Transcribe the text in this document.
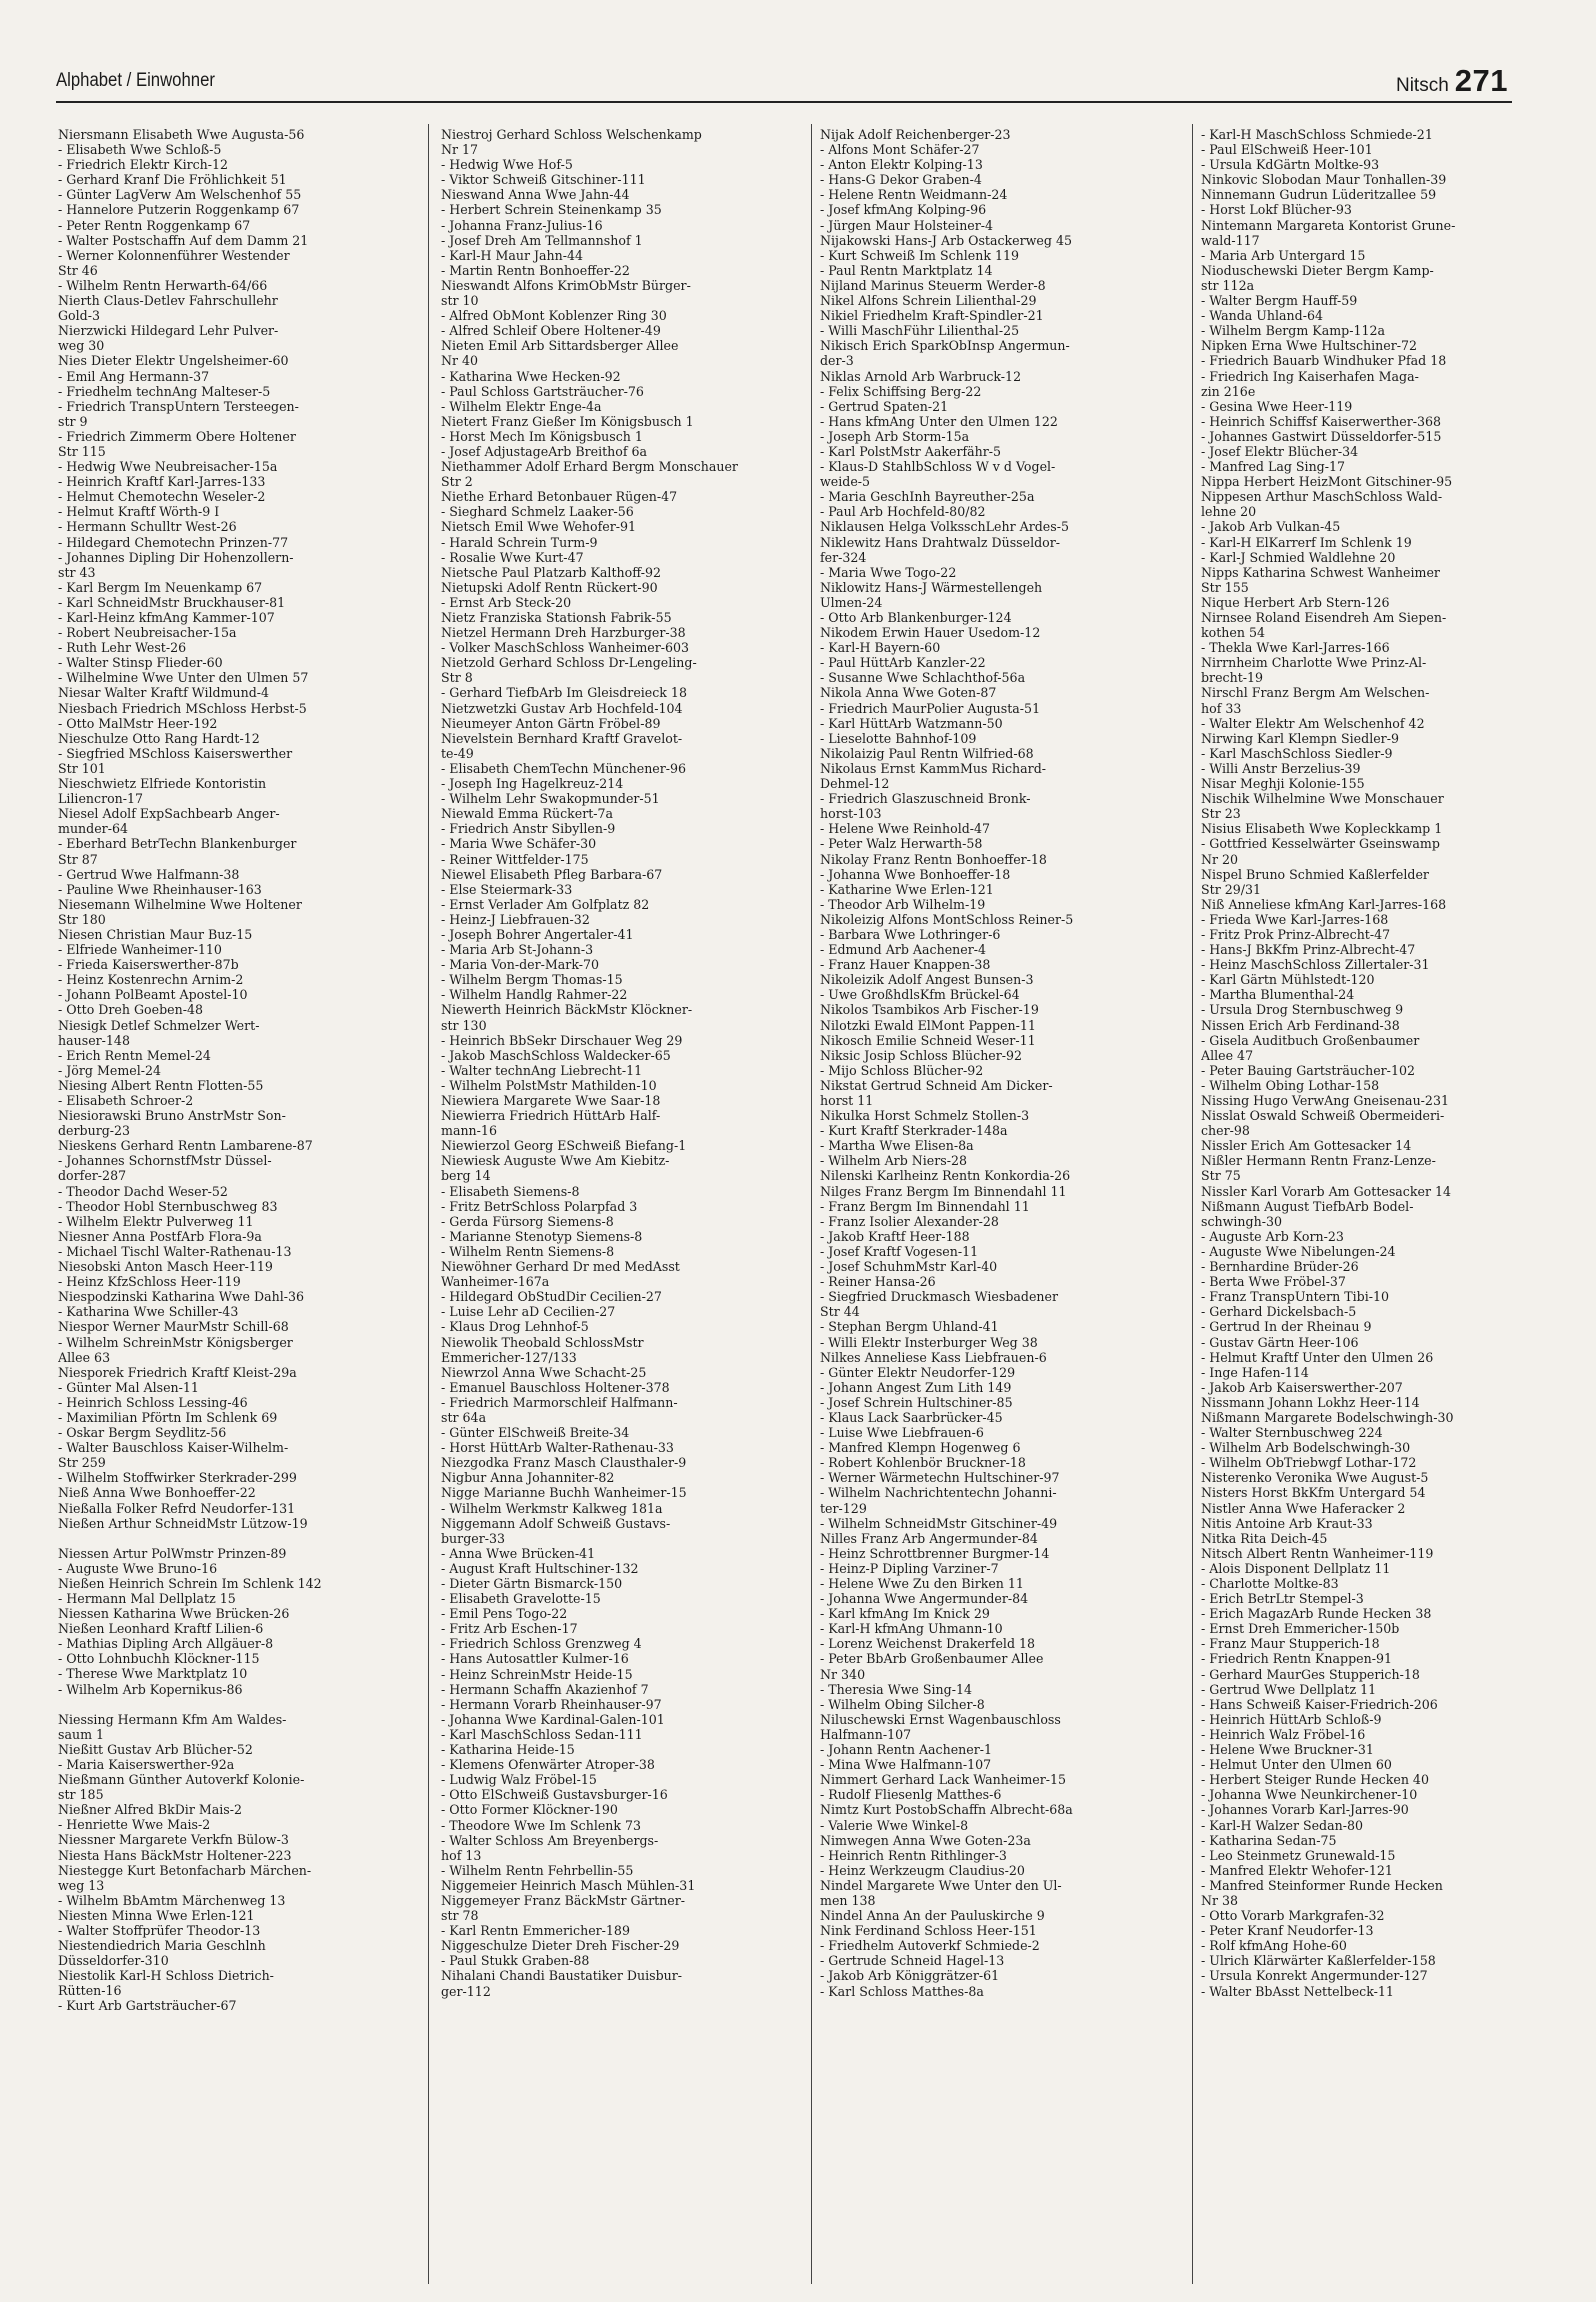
Alphabet / Einwohner	Nitsch 271
Niersmann Elisabeth Wwe Augusta-56
- Elisabeth Wwe Schloß-5
- Friedrich Elektr Kirch-12
- Gerhard Kranf Die Fröhlichkeit 51
- Günter LagVerw Am Welschenhof 55
- Hannelore Putzerin Roggenkamp 67
- Peter Rentn Roggenkamp 67
- Walter Postschaffn Auf dem Damm 21
- Werner Kolonnenführer Westender
Str 46
- Wilhelm Rentn Herwarth-64/66
Nierth Claus-Detlev Fahrschullehr
Gold-3
Nierzwicki Hildegard Lehr Pulver-
weg 30
Nies Dieter Elektr Ungelsheimer-60
- Emil Ang Hermann-37
- Friedhelm technAng Malteser-5
- Friedrich TranspUntern Tersteegen-
str 9
- Friedrich Zimmerm Obere Holtener
Str 115
- Hedwig Wwe Neubreisacher-15a
- Heinrich Kraftf Karl-Jarres-133
- Helmut Chemotechn Weseler-2
- Helmut Kraftf Wörth-9 I
- Hermann Schulltr West-26
- Hildegard Chemotechn Prinzen-77
- Johannes Dipling Dir Hohenzollern-
str 43
- Karl Bergm Im Neuenkamp 67
- Karl SchneidMstr Bruckhauser-81
- Karl-Heinz kfmAng Kammer-107
- Robert Neubreisacher-15a
- Ruth Lehr West-26
- Walter Stinsp Flieder-60
- Wilhelmine Wwe Unter den Ulmen 57
Niesar Walter Kraftf Wildmund-4
Niesbach Friedrich MSchloss Herbst-5
- Otto MalMstr Heer-192
Nieschulze Otto Rang Hardt-12
- Siegfried MSchloss Kaiserswerther
Str 101
Nieschwietz Elfriede Kontoristin
Liliencron-17
Niesel Adolf ExpSachbearb Anger-
munder-64
- Eberhard BetrTechn Blankenburger
Str 87
- Gertrud Wwe Halfmann-38
- Pauline Wwe Rheinhauser-163
Niesemann Wilhelmine Wwe Holtener
Str 180
Niesen Christian Maur Buz-15
- Elfriede Wanheimer-110
- Frieda Kaiserswerther-87b
- Heinz Kostenrechn Arnim-2
- Johann PolBeamt Apostel-10
- Otto Dreh Goeben-48
Niesigk Detlef Schmelzer Wert-
hauser-148
- Erich Rentn Memel-24
- Jörg Memel-24
Niesing Albert Rentn Flotten-55
- Elisabeth Schroer-2
Niesiorawski Bruno AnstrMstr Son-
derburg-23
Nieskens Gerhard Rentn Lambarene-87
- Johannes SchornstfMstr Düssel-
dorfer-287
- Theodor Dachd Weser-52
- Theodor Hobl Sternbuschweg 83
- Wilhelm Elektr Pulverweg 11
Niesner Anna PostfArb Flora-9a
- Michael Tischl Walter-Rathenau-13
Niesobski Anton Masch Heer-119
- Heinz KfzSchloss Heer-119
Niespodzinski Katharina Wwe Dahl-36
- Katharina Wwe Schiller-43
Niespor Werner MaurMstr Schill-68
- Wilhelm SchreinMstr Königsberger
Allee 63
Niesporek Friedrich Kraftf Kleist-29a
- Günter Mal Alsen-11
- Heinrich Schloss Lessing-46
- Maximilian Pförtn Im Schlenk 69
- Oskar Bergm Seydlitz-56
- Walter Bauschloss Kaiser-Wilhelm-
Str 259
- Wilhelm Stoffwirker Sterkrader-299
Nieß Anna Wwe Bonhoeffer-22
Nießalla Folker Refrd Neudorfer-131
Nießen Arthur SchneidMstr Lützow-19
Niessen Artur PolWmstr Prinzen-89
- Auguste Wwe Bruno-16
Nießen Heinrich Schrein Im Schlenk 142
- Hermann Mal Dellplatz 15
Niessen Katharina Wwe Brücken-26
Nießen Leonhard Kraftf Lilien-6
- Mathias Dipling Arch Allgäuer-8
- Otto Lohnbuchh Klöckner-115
- Therese Wwe Marktplatz 10
- Wilhelm Arb Kopernikus-86
Niessing Hermann Kfm Am Waldes-
saum 1
Nießitt Gustav Arb Blücher-52
- Maria Kaiserswerther-92a
Nießmann Günther Autoverkf Kolonie-
str 185
Nießner Alfred BkDir Mais-2
- Henriette Wwe Mais-2
Niessner Margarete Verkfn Bülow-3
Niesta Hans BäckMstr Holtener-223
Niestegge Kurt Betonfacharb Märchen-
weg 13
- Wilhelm BbAmtm Märchenweg 13
Niesten Minna Wwe Erlen-121
- Walter Stoffprüfer Theodor-13
Niestendiedrich Maria Geschlnh
Düsseldorfer-310
Niestolik Karl-H Schloss Dietrich-
Rütten-16
- Kurt Arb Gartsträucher-67
Niestroj Gerhard Schloss Welschenkamp
Nr 17
- Hedwig Wwe Hof-5
- Viktor Schweiß Gitschiner-111
Nieswand Anna Wwe Jahn-44
- Herbert Schrein Steinenkamp 35
- Johanna Franz-Julius-16
- Josef Dreh Am Tellmannshof 1
- Karl-H Maur Jahn-44
- Martin Rentn Bonhoeffer-22
Nieswandt Alfons KrimObMstr Bürger-
str 10
- Alfred ObMont Koblenzer Ring 30
- Alfred Schleif Obere Holtener-49
Nieten Emil Arb Sittardsberger Allee
Nr 40
- Katharina Wwe Hecken-92
- Paul Schloss Gartsträucher-76
- Wilhelm Elektr Enge-4a
Nietert Franz Gießer Im Königsbusch 1
- Horst Mech Im Königsbusch 1
- Josef AdjustageArb Breithof 6a
Niethammer Adolf Erhard Bergm Monschauer
Str 2
Niethe Erhard Betonbauer Rügen-47
- Sieghard Schmelz Laaker-56
Nietsch Emil Wwe Wehofer-91
- Harald Schrein Turm-9
- Rosalie Wwe Kurt-47
Nietsche Paul Platzarb Kalthoff-92
Nietupski Adolf Rentn Rückert-90
- Ernst Arb Steck-20
Nietz Franziska Stationsh Fabrik-55
Nietzel Hermann Dreh Harzburger-38
- Volker MaschSchloss Wanheimer-603
Nietzold Gerhard Schloss Dr-Lengeling-
Str 8
- Gerhard TiefbArb Im Gleisdreieck 18
Nietzwetzki Gustav Arb Hochfeld-104
Nieumeyer Anton Gärtn Fröbel-89
Nievelstein Bernhard Kraftf Gravelot-
te-49
- Elisabeth ChemTechn Münchener-96
- Joseph Ing Hagelkreuz-214
- Wilhelm Lehr Swakopmunder-51
Niewald Emma Rückert-7a
- Friedrich Anstr Sibyllen-9
- Maria Wwe Schäfer-30
- Reiner Wittfelder-175
Niewel Elisabeth Pfleg Barbara-67
- Else Steiermark-33
- Ernst Verlader Am Golfplatz 82
- Heinz-J Liebfrauen-32
- Joseph Bohrer Angertaler-41
- Maria Arb St-Johann-3
- Maria Von-der-Mark-70
- Wilhelm Bergm Thomas-15
- Wilhelm Handlg Rahmer-22
Niewerth Heinrich BäckMstr Klöckner-
str 130
- Heinrich BbSekr Dirschauer Weg 29
- Jakob MaschSchloss Waldecker-65
- Walter technAng Liebrecht-11
- Wilhelm PolstMstr Mathilden-10
Niewiera Margarete Wwe Saar-18
Niewierra Friedrich HüttArb Half-
mann-16
Niewierzol Georg ESchweiß Biefang-1
Niewiesk Auguste Wwe Am Kiebitz-
berg 14
- Elisabeth Siemens-8
- Fritz BetrSchloss Polarpfad 3
- Gerda Fürsorg Siemens-8
- Marianne Stenotyp Siemens-8
- Wilhelm Rentn Siemens-8
Niewöhner Gerhard Dr med MedAsst
Wanheimer-167a
- Hildegard ObStudDir Cecilien-27
- Luise Lehr aD Cecilien-27
- Klaus Drog Lehnhof-5
Niewolik Theobald SchlossMstr
Emmericher-127/133
Niewrzol Anna Wwe Schacht-25
- Emanuel Bauschloss Holtener-378
- Friedrich Marmorschleif Halfmann-
str 64a
- Günter ElSchweiß Breite-34
- Horst HüttArb Walter-Rathenau-33
Niezgodka Franz Masch Clausthaler-9
Nigbur Anna Johanniter-82
Nigge Marianne Buchh Wanheimer-15
- Wilhelm Werkmstr Kalkweg 181a
Niggemann Adolf Schweiß Gustavs-
burger-33
- Anna Wwe Brücken-41
- August Kraft Hultschiner-132
- Dieter Gärtn Bismarck-150
- Elisabeth Gravelotte-15
- Emil Pens Togo-22
- Fritz Arb Eschen-17
- Friedrich Schloss Grenzweg 4
- Hans Autosattler Kulmer-16
- Heinz SchreinMstr Heide-15
- Hermann Schaffn Akazienhof 7
- Hermann Vorarb Rheinhauser-97
- Johanna Wwe Kardinal-Galen-101
- Karl MaschSchloss Sedan-111
- Katharina Heide-15
- Klemens Ofenwärter Atroper-38
- Ludwig Walz Fröbel-15
- Otto ElSchweiß Gustavsburger-16
- Otto Former Klöckner-190
- Theodore Wwe Im Schlenk 73
- Walter Schloss Am Breyenbergs-
hof 13
- Wilhelm Rentn Fehrbellin-55
Niggemeier Heinrich Masch Mühlen-31
Niggemeyer Franz BäckMstr Gärtner-
str 78
- Karl Rentn Emmericher-189
Niggeschulze Dieter Dreh Fischer-29
- Paul Stukk Graben-88
Nihalani Chandi Baustatiker Duisbur-
ger-112
Nijak Adolf Reichenberger-23
- Alfons Mont Schäfer-27
- Anton Elektr Kolping-13
- Hans-G Dekor Graben-4
- Helene Rentn Weidmann-24
- Josef kfmAng Kolping-96
- Jürgen Maur Holsteiner-4
Nijakowski Hans-J Arb Ostackerweg 45
- Kurt Schweiß Im Schlenk 119
- Paul Rentn Marktplatz 14
Nijland Marinus Steuerm Werder-8
Nikel Alfons Schrein Lilienthal-29
Nikiel Friedhelm Kraft-Spindler-21
- Willi MaschFühr Lilienthal-25
Nikisch Erich SparkObInsp Angermun-
der-3
Niklas Arnold Arb Warbruck-12
- Felix Schiffsing Berg-22
- Gertrud Spaten-21
- Hans kfmAng Unter den Ulmen 122
- Joseph Arb Storm-15a
- Karl PolstMstr Aakerfähr-5
- Klaus-D StahlbSchloss W v d Vogel-
weide-5
- Maria GeschInh Bayreuther-25a
- Paul Arb Hochfeld-80/82
Niklausen Helga VolksschLehr Ardes-5
Niklewitz Hans Drahtwalz Düsseldor-
fer-324
- Maria Wwe Togo-22
Niklowitz Hans-J Wärmestellengeh
Ulmen-24
- Otto Arb Blankenburger-124
Nikodem Erwin Hauer Usedom-12
- Karl-H Bayern-60
- Paul HüttArb Kanzler-22
- Susanne Wwe Schlachthof-56a
Nikola Anna Wwe Goten-87
- Friedrich MaurPolier Augusta-51
- Karl HüttArb Watzmann-50
- Lieselotte Bahnhof-109
Nikolaizig Paul Rentn Wilfried-68
Nikolaus Ernst KammMus Richard-
Dehmel-12
- Friedrich Glaszuschneid Bronk-
horst-103
- Helene Wwe Reinhold-47
- Peter Walz Herwarth-58
Nikolay Franz Rentn Bonhoeffer-18
- Johanna Wwe Bonhoeffer-18
- Katharine Wwe Erlen-121
- Theodor Arb Wilhelm-19
Nikoleizig Alfons MontSchloss Reiner-5
- Barbara Wwe Lothringer-6
- Edmund Arb Aachener-4
- Franz Hauer Knappen-38
Nikoleizik Adolf Angest Bunsen-3
- Uwe GroßhdlsKfm Brückel-64
Nikolos Tsambikos Arb Fischer-19
Nilotzki Ewald ElMont Pappen-11
Nikosch Emilie Schneid Weser-11
Niksic Josip Schloss Blücher-92
- Mijo Schloss Blücher-92
Nikstat Gertrud Schneid Am Dicker-
horst 11
Nikulka Horst Schmelz Stollen-3
- Kurt Kraftf Sterkrader-148a
- Martha Wwe Elisen-8a
- Wilhelm Arb Niers-28
Nilenski Karlheinz Rentn Konkordia-26
Nilges Franz Bergm Im Binnendahl 11
- Franz Bergm Im Binnendahl 11
- Franz Isolier Alexander-28
- Jakob Kraftf Heer-188
- Josef Kraftf Vogesen-11
- Josef SchuhmMstr Karl-40
- Reiner Hansa-26
- Siegfried Druckmasch Wiesbadener
Str 44
- Stephan Bergm Uhland-41
- Willi Elektr Insterburger Weg 38
Nilkes Anneliese Kass Liebfrauen-6
- Günter Elektr Neudorfer-129
- Johann Angest Zum Lith 149
- Josef Schrein Hultschiner-85
- Klaus Lack Saarbrücker-45
- Luise Wwe Liebfrauen-6
- Manfred Klempn Hogenweg 6
- Robert Kohlenbör Bruckner-18
- Werner Wärmetechn Hultschiner-97
- Wilhelm Nachrichtentechn Johanni-
ter-129
- Wilhelm SchneidMstr Gitschiner-49
Nilles Franz Arb Angermunder-84
- Heinz Schrottbrenner Burgmer-14
- Heinz-P Dipling Varziner-7
- Helene Wwe Zu den Birken 11
- Johanna Wwe Angermunder-84
- Karl kfmAng Im Knick 29
- Karl-H kfmAng Uhmann-10
- Lorenz Weichenst Drakerfeld 18
- Peter BbArb Großenbaumer Allee
Nr 340
- Theresia Wwe Sing-14
- Wilhelm Obing Silcher-8
Niluschewski Ernst Wagenbauschloss
Halfmann-107
- Johann Rentn Aachener-1
- Mina Wwe Halfmann-107
Nimmert Gerhard Lack Wanheimer-15
- Rudolf Fliesenlg Matthes-6
Nimtz Kurt PostobSchaffn Albrecht-68a
- Valerie Wwe Winkel-8
Nimwegen Anna Wwe Goten-23a
- Heinrich Rentn Rithlinger-3
- Heinz Werkzeugm Claudius-20
Nindel Margarete Wwe Unter den Ul-
men 138
Nindel Anna An der Pauluskirche 9
Nink Ferdinand Schloss Heer-151
- Friedhelm Autoverkf Schmiede-2
- Gertrude Schneid Hagel-13
- Jakob Arb Königgrätzer-61
- Karl Schloss Matthes-8a
- Karl-H MaschSchloss Schmiede-21
- Paul ElSchweiß Heer-101
- Ursula KdGärtn Moltke-93
Ninkovic Slobodan Maur Tonhallen-39
Ninnemann Gudrun Lüderitzallee 59
- Horst Lokf Blücher-93
Nintemann Margareta Kontorist Grune-
wald-117
- Maria Arb Untergard 15
Nioduschewski Dieter Bergm Kamp-
str 112a
- Walter Bergm Hauff-59
- Wanda Uhland-64
- Wilhelm Bergm Kamp-112a
Nipken Erna Wwe Hultschiner-72
- Friedrich Bauarb Windhuker Pfad 18
- Friedrich Ing Kaiserhafen Maga-
zin 216e
- Gesina Wwe Heer-119
- Heinrich Schiffsf Kaiserwerther-368
- Johannes Gastwirt Düsseldorfer-515
- Josef Elektr Blücher-34
- Manfred Lag Sing-17
Nippa Herbert HeizMont Gitschiner-95
Nippesen Arthur MaschSchloss Wald-
lehne 20
- Jakob Arb Vulkan-45
- Karl-H ElKarrerf Im Schlenk 19
- Karl-J Schmied Waldlehne 20
Nipps Katharina Schwest Wanheimer
Str 155
Nique Herbert Arb Stern-126
Nirnsee Roland Eisendreh Am Siepen-
kothen 54
- Thekla Wwe Karl-Jarres-166
Nirrnheim Charlotte Wwe Prinz-Al-
brecht-19
Nirschl Franz Bergm Am Welschen-
hof 33
- Walter Elektr Am Welschenhof 42
Nirwing Karl Klempn Siedler-9
- Karl MaschSchloss Siedler-9
- Willi Anstr Berzelius-39
Nisar Meghji Kolonie-155
Nischik Wilhelmine Wwe Monschauer
Str 23
Nisius Elisabeth Wwe Kopleckkamp 1
- Gottfried Kesselwärter Gseinswamp
Nr 20
Nispel Bruno Schmied Kaßlerfelder
Str 29/31
Niß Anneliese kfmAng Karl-Jarres-168
- Frieda Wwe Karl-Jarres-168
- Fritz Prok Prinz-Albrecht-47
- Hans-J BkKfm Prinz-Albrecht-47
- Heinz MaschSchloss Zillertaler-31
- Karl Gärtn Mühlstedt-120
- Martha Blumenthal-24
- Ursula Drog Sternbuschweg 9
Nissen Erich Arb Ferdinand-38
- Gisela Auditbuch Großenbaumer
Allee 47
- Peter Bauing Gartsträucher-102
- Wilhelm Obing Lothar-158
Nissing Hugo VerwAng Gneisenau-231
Nisslat Oswald Schweiß Obermeideri-
cher-98
Nissler Erich Am Gottesacker 14
Nißler Hermann Rentn Franz-Lenze-
Str 75
Nissler Karl Vorarb Am Gottesacker 14
Nißmann August TiefbArb Bodel-
schwingh-30
- Auguste Arb Korn-23
- Auguste Wwe Nibelungen-24
- Bernhardine Brüder-26
- Berta Wwe Fröbel-37
- Franz TranspUntern Tibi-10
- Gerhard Dickelsbach-5
- Gertrud In der Rheinau 9
- Gustav Gärtn Heer-106
- Helmut Kraftf Unter den Ulmen 26
- Inge Hafen-114
- Jakob Arb Kaiserswerther-207
Nissmann Johann Lokhz Heer-114
Nißmann Margarete Bodelschwingh-30
- Walter Sternbuschweg 224
- Wilhelm Arb Bodelschwingh-30
- Wilhelm ObTriebwgf Lothar-172
Nisterenko Veronika Wwe August-5
Nisters Horst BkKfm Untergard 54
Nistler Anna Wwe Haferacker 2
Nitis Antoine Arb Kraut-33
Nitka Rita Deich-45
Nitsch Albert Rentn Wanheimer-119
- Alois Disponent Dellplatz 11
- Charlotte Moltke-83
- Erich BetrLtr Stempel-3
- Erich MagazArb Runde Hecken 38
- Ernst Dreh Emmericher-150b
- Franz Maur Stupperich-18
- Friedrich Rentn Knappen-91
- Gerhard MaurGes Stupperich-18
- Gertrud Wwe Dellplatz 11
- Hans Schweiß Kaiser-Friedrich-206
- Heinrich HüttArb Schloß-9
- Heinrich Walz Fröbel-16
- Helene Wwe Bruckner-31
- Helmut Unter den Ulmen 60
- Herbert Steiger Runde Hecken 40
- Johanna Wwe Neunkirchener-10
- Johannes Vorarb Karl-Jarres-90
- Karl-H Walzer Sedan-80
- Katharina Sedan-75
- Leo Steinmetz Grunewald-15
- Manfred Elektr Wehofer-121
- Manfred Steinformer Runde Hecken
Nr 38
- Otto Vorarb Markgrafen-32
- Peter Kranf Neudorfer-13
- Rolf kfmAng Hohe-60
- Ulrich Klärwärter Kaßlerfelder-158
- Ursula Konrekt Angermunder-127
- Walter BbAsst Nettelbeck-11
